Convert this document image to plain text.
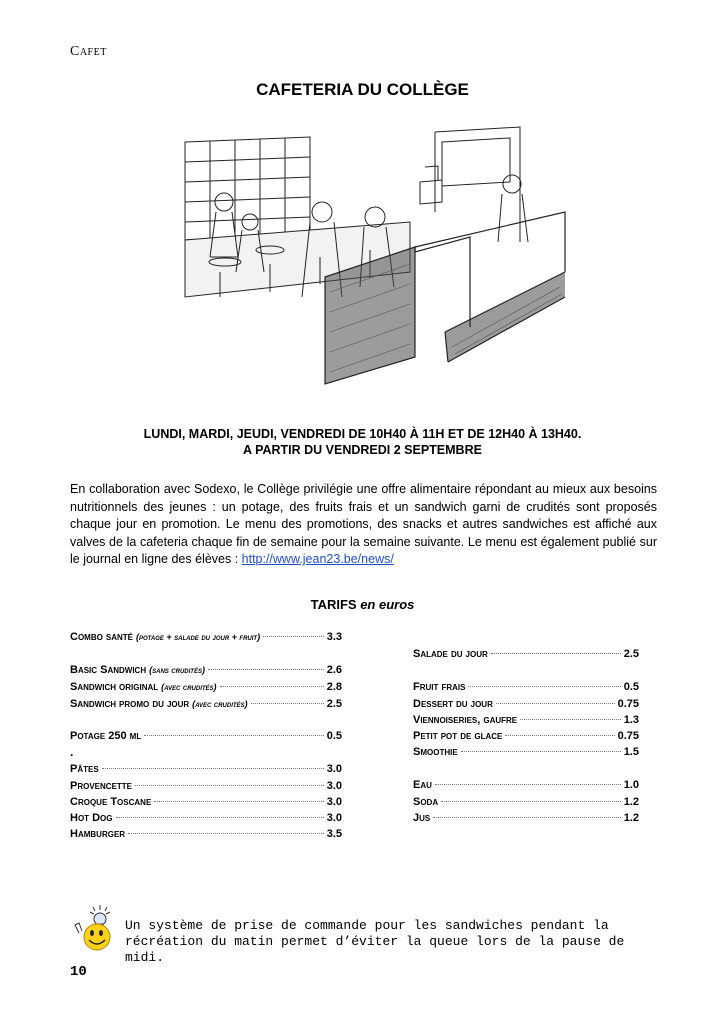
Cafet
CAFETERIA DU COLLÈGE
LUNDI, MARDI, JEUDI, VENDREDI DE 10H40 À 11H ET DE 12H40 À 13H40.
A PARTIR DU VENDREDI 2 SEPTEMBRE
En collaboration avec Sodexo, le Collège privilégie une offre alimentaire répondant au mieux aux besoins nutritionnels des jeunes : un potage, des fruits frais et un sandwich garni de crudités sont proposés chaque jour en promotion. Le menu des promotions, des snacks et autres sandwiches est affiché aux valves de la cafeteria chaque fin de semaine pour la semaine suivante. Le menu est également publié sur le journal en ligne des élèves : http://www.jean23.be/news/
TARIFS en euros
Combo santé (potage + salade du jour + fruit)	3.3
Basic Sandwich (sans crudités)	2.6
Sandwich original (avec crudités)	2.8
Sandwich promo du jour (avec crudités)	2.5
Potage 250 ml	0.5
.
Pâtes	3.0
Provencette	3.0
Croque Toscane	3.0
Hot Dog	3.0
Hamburger	3.5
Salade du jour	2.5
Fruit frais	0.5
Dessert du jour	0.75
Viennoiseries, gaufre	1.3
Petit pot de glace	0.75
Smoothie	1.5
Eau	1.0
Soda	1.2
Jus	1.2
Un système de prise de commande pour les sandwiches pendant la récréation du matin permet d’éviter la queue lors de la pause de midi.
10
